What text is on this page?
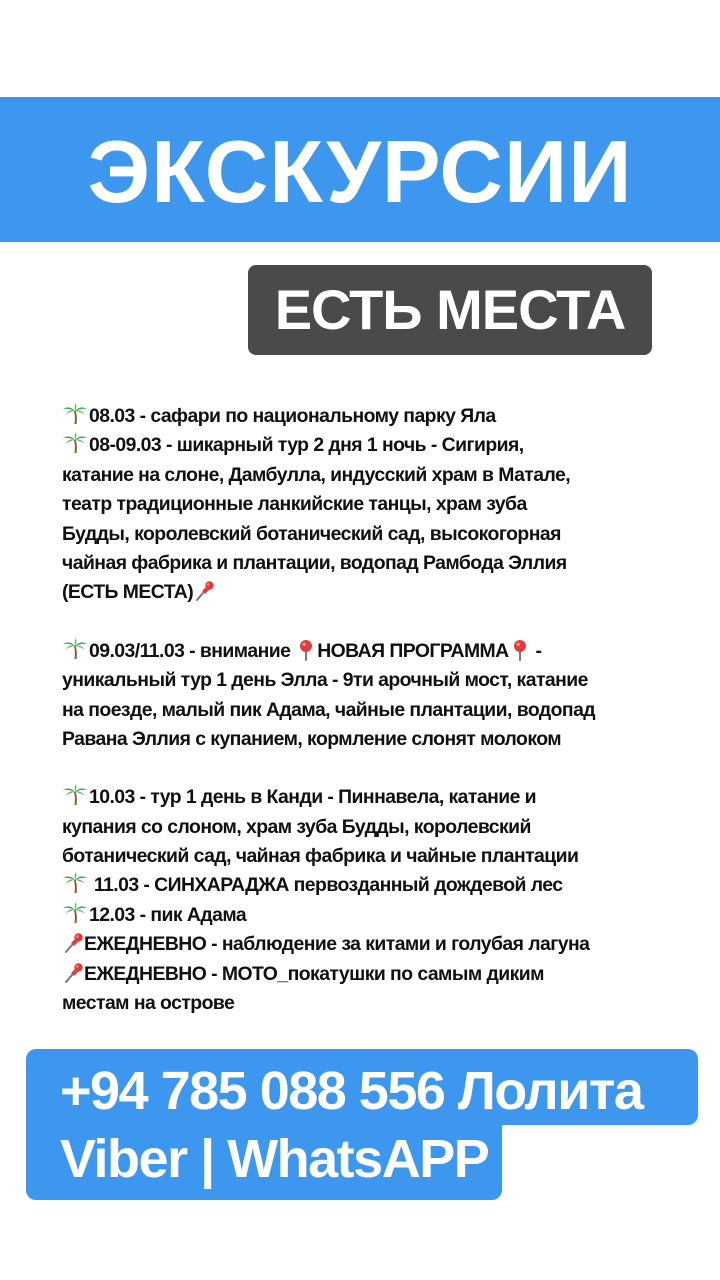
ЭКСКУРСИИ
ЕСТЬ МЕСТА
08.03 - сафари по национальному парку Яла
08-09.03 - шикарный тур 2 дня 1 ночь - Сигирия,
катание на слоне, Дамбулла, индусский храм в Матале,
театр традиционные ланкийские танцы, храм зуба
Будды, королевский ботанический сад, высокогорная
чайная фабрика и плантации, водопад Рамбода Эллия
(ЕСТЬ МЕСТА)
09.03/11.03 - внимание НОВАЯ ПРОГРАММА -
уникальный тур 1 день Элла - 9ти арочный мост, катание
на поезде, малый пик Адама, чайные плантации, водопад
Равана Эллия с купанием, кормление слонят молоком
10.03 - тур 1 день в Канди - Пиннавела, катание и
купания со слоном, храм зуба Будды, королевский
ботанический сад, чайная фабрика и чайные плантации
11.03 - СИНХАРАДЖА первозданный дождевой лес
12.03 - пик Адама
ЕЖЕДНЕВНО - наблюдение за китами и голубая лагуна
ЕЖЕДНЕВНО - МОТО_покатушки по самым диким
местам на острове
+94 785 088 556 Лолита
Viber | WhatsAPP
